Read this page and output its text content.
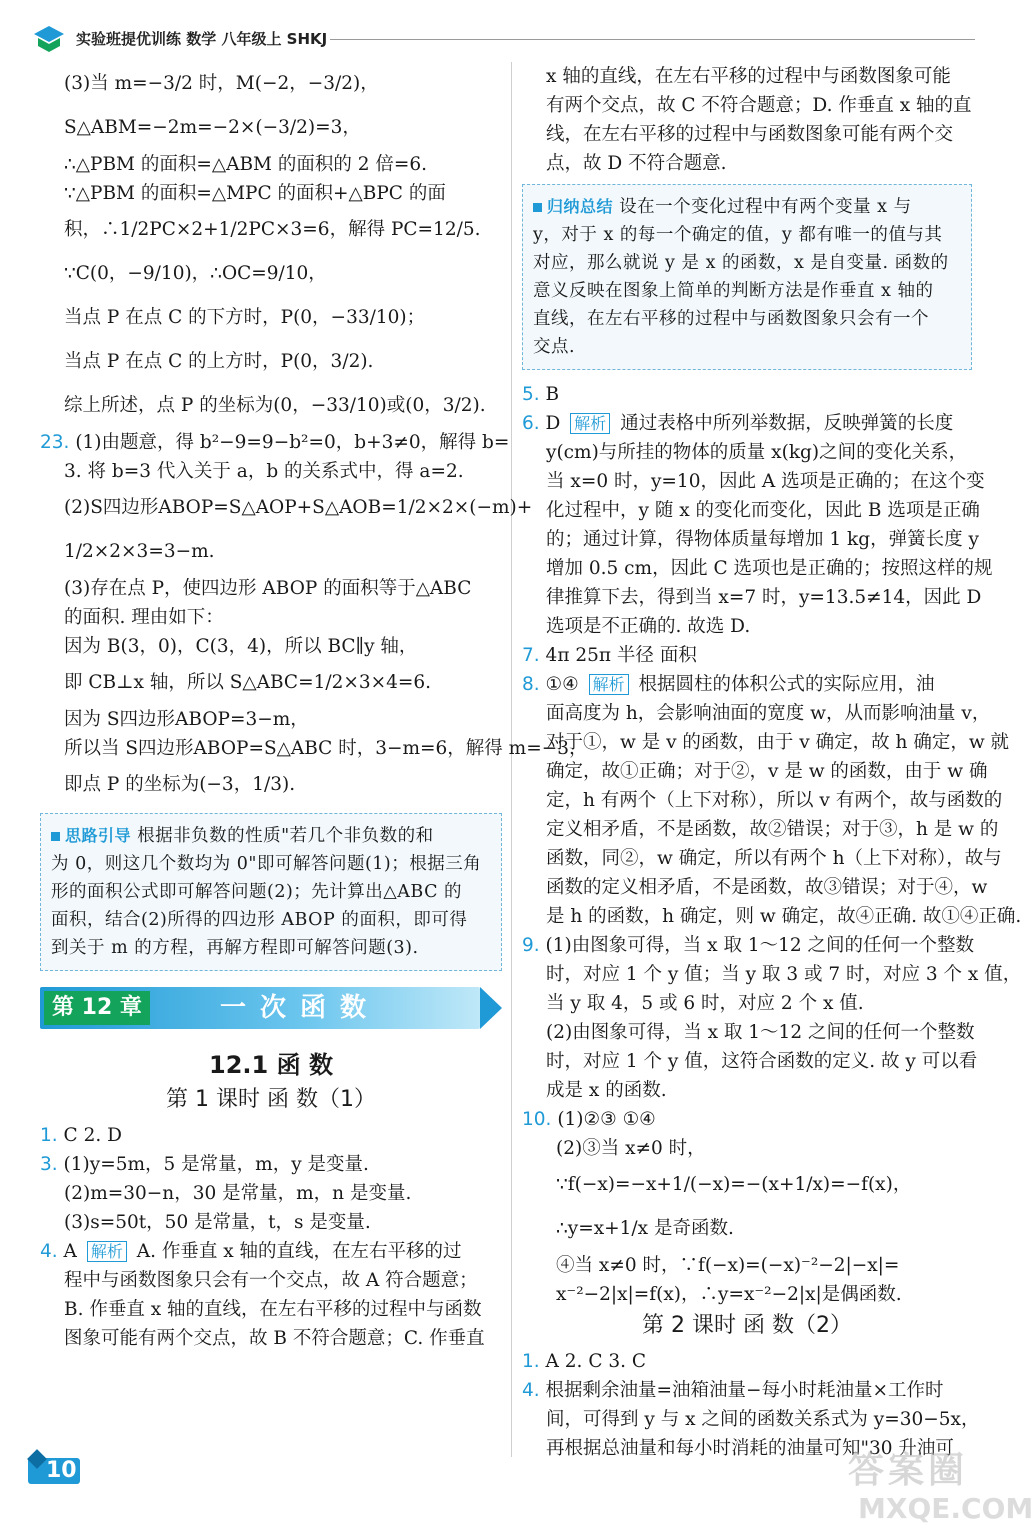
实验班提优训练 数学 八年级上 SHKJ
(3)当 m=−3/2 时，M(−2，−3/2)，
S△ABM=−2m=−2×(−3/2)=3，
∴△PBM 的面积=△ABM 的面积的 2 倍=6.
∵△PBM 的面积=△MPC 的面积+△BPC 的面
积，∴1/2PC×2+1/2PC×3=6，解得 PC=12/5.
∵C(0，−9/10)，∴OC=9/10，
当点 P 在点 C 的下方时，P(0，−33/10)；
当点 P 在点 C 的上方时，P(0，3/2).
综上所述，点 P 的坐标为(0，−33/10)或(0，3/2).
23. (1)由题意，得 b²−9=9−b²=0，b+3≠0，解得 b=
3. 将 b=3 代入关于 a，b 的关系式中，得 a=2.
(2)S四边形ABOP=S△AOP+S△AOB=1/2×2×(−m)+
1/2×2×3=3−m.
(3)存在点 P，使四边形 ABOP 的面积等于△ABC
的面积. 理由如下：
因为 B(3，0)，C(3，4)，所以 BC∥y 轴，
即 CB⊥x 轴，所以 S△ABC=1/2×3×4=6.
因为 S四边形ABOP=3−m，
所以当 S四边形ABOP=S△ABC 时，3−m=6，解得 m=−3，
即点 P 的坐标为(−3，1/3).
思路引导 根据非负数的性质"若几个非负数的和
为 0，则这几个数均为 0"即可解答问题(1)；根据三角
形的面积公式即可解答问题(2)；先计算出△ABC 的
面积，结合(2)所得的四边形 ABOP 的面积，即可得
到关于 m 的方程，再解方程即可解答问题(3).
第 12 章	一次函数
12.1 函 数
第 1 课时 函 数（1）
1. C 2. D
3. (1)y=5m，5 是常量，m，y 是变量.
(2)m=30−n，30 是常量，m，n 是变量.
(3)s=50t，50 是常量，t，s 是变量.
4. A 解析 A. 作垂直 x 轴的直线，在左右平移的过
程中与函数图象只会有一个交点，故 A 符合题意；
B. 作垂直 x 轴的直线，在左右平移的过程中与函数
图象可能有两个交点，故 B 不符合题意；C. 作垂直
x 轴的直线，在左右平移的过程中与函数图象可能
有两个交点，故 C 不符合题意；D. 作垂直 x 轴的直
线，在左右平移的过程中与函数图象可能有两个交
点，故 D 不符合题意.
归纳总结 设在一个变化过程中有两个变量 x 与
y，对于 x 的每一个确定的值，y 都有唯一的值与其
对应，那么就说 y 是 x 的函数，x 是自变量. 函数的
意义反映在图象上简单的判断方法是作垂直 x 轴的
直线，在左右平移的过程中与函数图象只会有一个
交点.
5. B
6. D 解析 通过表格中所列举数据，反映弹簧的长度
y(cm)与所挂的物体的质量 x(kg)之间的变化关系，
当 x=0 时，y=10，因此 A 选项是正确的；在这个变
化过程中，y 随 x 的变化而变化，因此 B 选项是正确
的；通过计算，得物体质量每增加 1 kg，弹簧长度 y
增加 0.5 cm，因此 C 选项也是正确的；按照这样的规
律推算下去，得到当 x=7 时，y=13.5≠14，因此 D
选项是不正确的. 故选 D.
7. 4π 25π 半径 面积
8. ①④ 解析 根据圆柱的体积公式的实际应用，油
面高度为 h，会影响油面的宽度 w，从而影响油量 v，
对于①，w 是 v 的函数，由于 v 确定，故 h 确定，w 就
确定，故①正确；对于②，v 是 w 的函数，由于 w 确
定，h 有两个（上下对称），所以 v 有两个，故与函数的
定义相矛盾，不是函数，故②错误；对于③，h 是 w 的
函数，同②，w 确定，所以有两个 h（上下对称），故与
函数的定义相矛盾，不是函数，故③错误；对于④，w
是 h 的函数，h 确定，则 w 确定，故④正确. 故①④正确.
9. (1)由图象可得，当 x 取 1～12 之间的任何一个整数
时，对应 1 个 y 值；当 y 取 3 或 7 时，对应 3 个 x 值，
当 y 取 4，5 或 6 时，对应 2 个 x 值.
(2)由图象可得，当 x 取 1～12 之间的任何一个整数
时，对应 1 个 y 值，这符合函数的定义. 故 y 可以看
成是 x 的函数.
10. (1)②③ ①④
(2)③当 x≠0 时，
∵f(−x)=−x+1/(−x)=−(x+1/x)=−f(x)，
∴y=x+1/x 是奇函数.
④当 x≠0 时，∵f(−x)=(−x)⁻²−2|−x|=
x⁻²−2|x|=f(x)，∴y=x⁻²−2|x|是偶函数.
第 2 课时 函 数（2）
1. A 2. C 3. C
4. 根据剩余油量=油箱油量−每小时耗油量×工作时
间，可得到 y 与 x 之间的函数关系式为 y=30−5x，
再根据总油量和每小时消耗的油量可知"30 升油可
10	答案圈
MXQE.COM
